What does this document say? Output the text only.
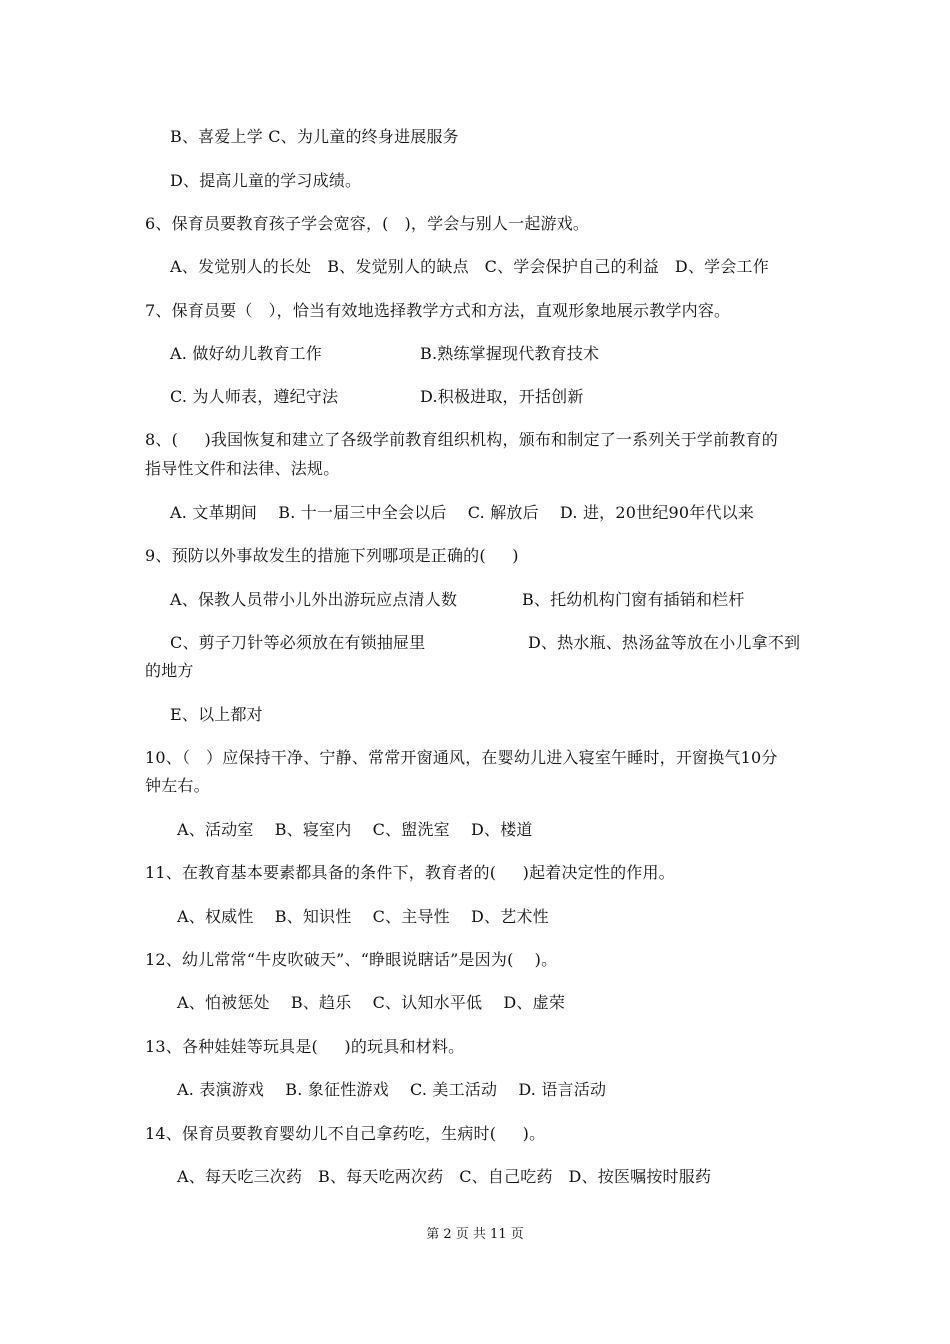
B、喜爱上学 C、为儿童的终身进展服务
D、提高儿童的学习成绩。
6、保育员要教育孩子学会宽容，(   )，学会与别人一起游戏。
A、发觉别人的长处   B、发觉别人的缺点   C、学会保护自己的利益   D、学会工作
7、保育员要（   ），恰当有效地选择教学方式和方法，直观形象地展示教学内容。
A. 做好幼儿教育工作	B.熟练掌握现代教育技术
C. 为人师表，遵纪守法	D.积极进取，开括创新
8、(     )我国恢复和建立了各级学前教育组织机构，颁布和制定了一系列关于学前教育的
指导性文件和法律、法规。
A. 文革期间    B. 十一届三中全会以后    C. 解放后    D. 进，20世纪90年代以来
9、预防以外事故发生的措施下列哪项是正确的(     )
A、保教人员带小儿外出游玩应点清人数	B、托幼机构门窗有插销和栏杆
C、剪子刀针等必须放在有锁抽屉里	D、热水瓶、热汤盆等放在小儿拿不到
的地方
E、以上都对
10、（   ）应保持干净、宁静、常常开窗通风，在婴幼儿进入寝室午睡时，开窗换气10分
钟左右。
A、活动室    B、寝室内    C、盥洗室    D、楼道
11、在教育基本要素都具备的条件下，教育者的(     )起着决定性的作用。
A、权威性    B、知识性    C、主导性    D、艺术性
12、幼儿常常“牛皮吹破天”、“睁眼说瞎话”是因为(    )。
A、怕被惩处    B、趋乐    C、认知水平低    D、虚荣
13、各种娃娃等玩具是(     )的玩具和材料。
A. 表演游戏    B. 象征性游戏    C. 美工活动    D. 语言活动
14、保育员要教育婴幼儿不自己拿药吃，生病时(     )。
A、每天吃三次药   B、每天吃两次药   C、自己吃药   D、按医嘱按时服药
第 2 页 共 11 页
